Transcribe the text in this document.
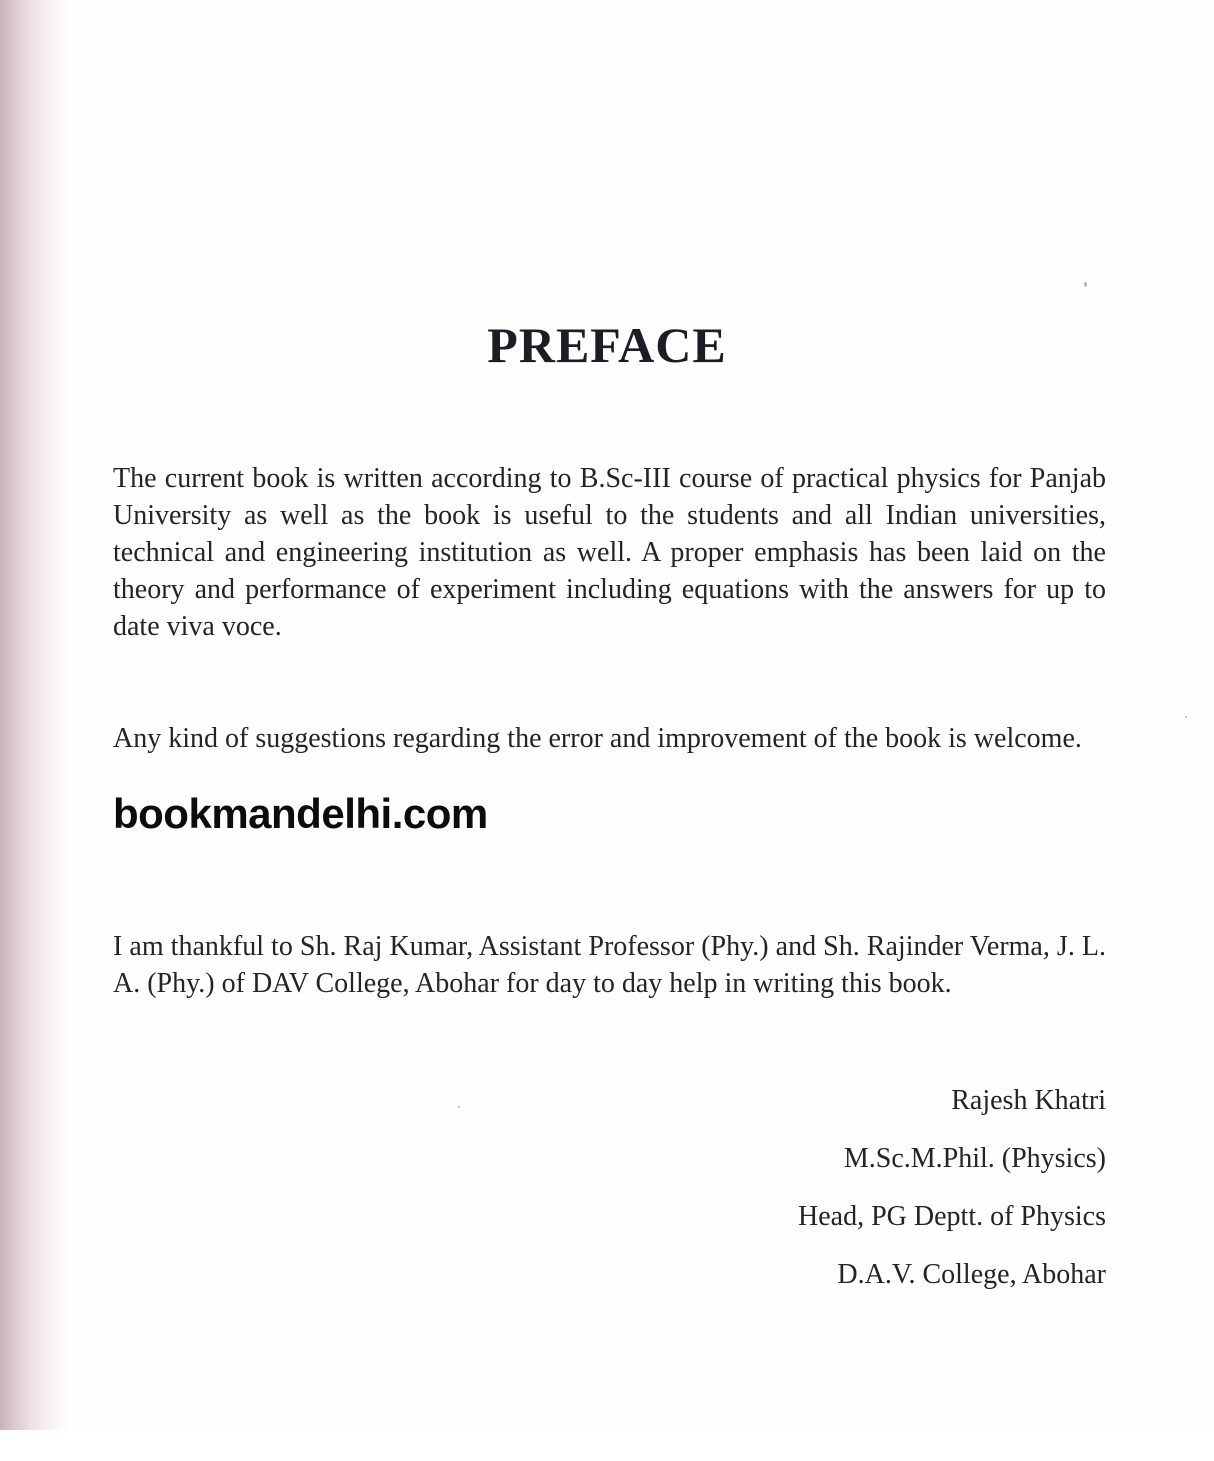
PREFACE

The current book is written according to B.Sc-III course of practical physics for Panjab University as well as the book is useful to the students and all Indian universities, technical and engineering institution as well. A proper emphasis has been laid on the theory and performance of experiment including equations with the answers for up to date viva voce.

Any kind of suggestions regarding the error and improvement of the book is welcome.

bookmandelhi.com

I am thankful to Sh. Raj Kumar, Assistant Professor (Phy.) and Sh. Rajinder Verma, J. L. A. (Phy.) of DAV College, Abohar for day to day help in writing this book.

Rajesh Khatri
M.Sc.M.Phil. (Physics)
Head, PG Deptt. of Physics
D.A.V. College, Abohar
